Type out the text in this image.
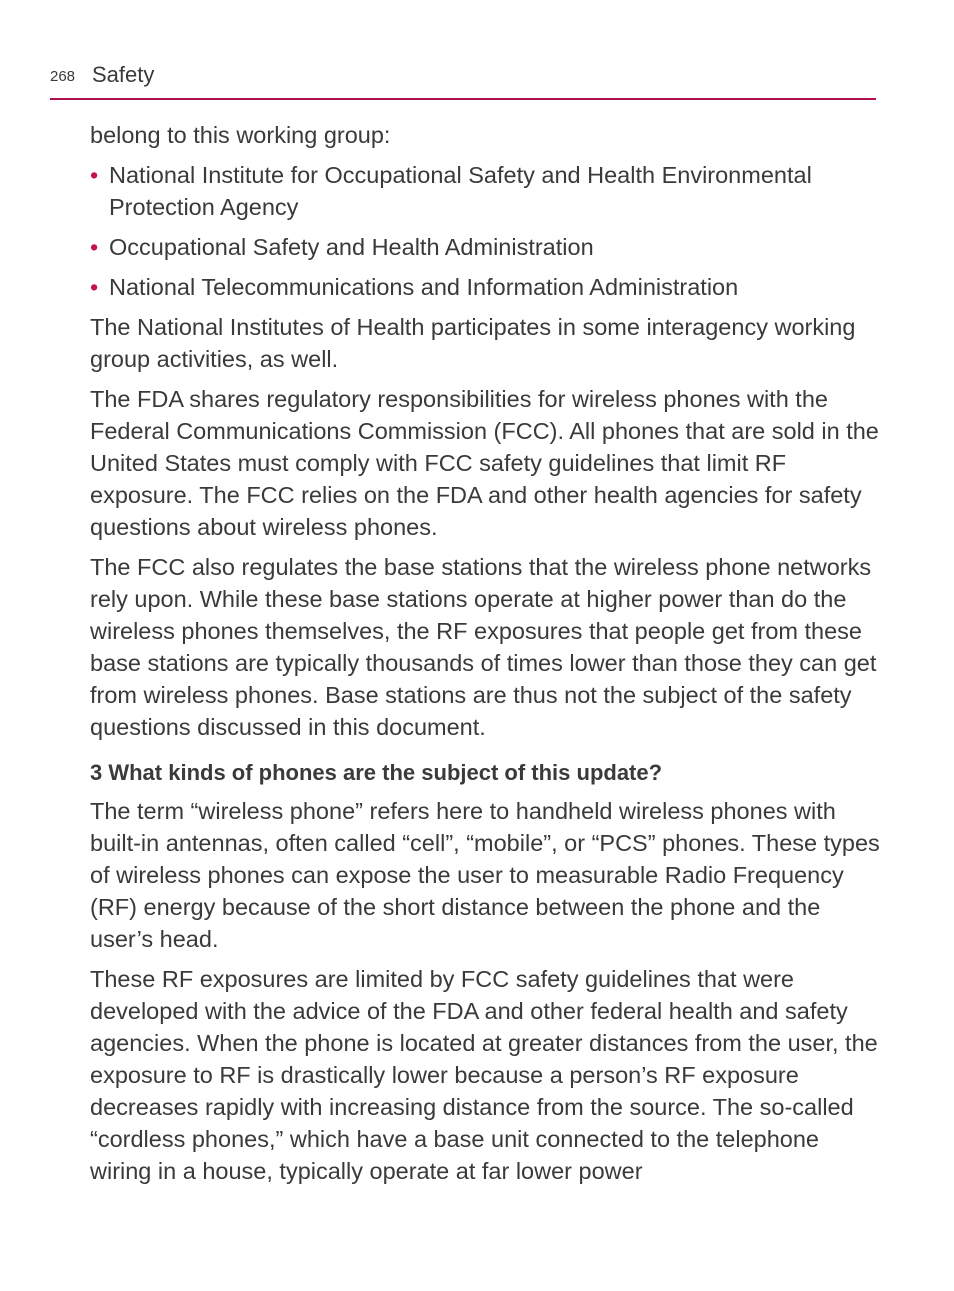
268 Safety

belong to this working group:

• National Institute for Occupational Safety and Health Environmental Protection Agency
• Occupational Safety and Health Administration
• National Telecommunications and Information Administration

The National Institutes of Health participates in some interagency working group activities, as well.

The FDA shares regulatory responsibilities for wireless phones with the Federal Communications Commission (FCC). All phones that are sold in the United States must comply with FCC safety guidelines that limit RF exposure. The FCC relies on the FDA and other health agencies for safety questions about wireless phones.

The FCC also regulates the base stations that the wireless phone networks rely upon. While these base stations operate at higher power than do the wireless phones themselves, the RF exposures that people get from these base stations are typically thousands of times lower than those they can get from wireless phones. Base stations are thus not the subject of the safety questions discussed in this document.

3 What kinds of phones are the subject of this update?

The term “wireless phone” refers here to handheld wireless phones with built-in antennas, often called “cell”, “mobile”, or “PCS” phones. These types of wireless phones can expose the user to measurable Radio Frequency (RF) energy because of the short distance between the phone and the user’s head.

These RF exposures are limited by FCC safety guidelines that were developed with the advice of the FDA and other federal health and safety agencies. When the phone is located at greater distances from the user, the exposure to RF is drastically lower because a person’s RF exposure decreases rapidly with increasing distance from the source. The so-called “cordless phones,” which have a base unit connected to the telephone wiring in a house, typically operate at far lower power
